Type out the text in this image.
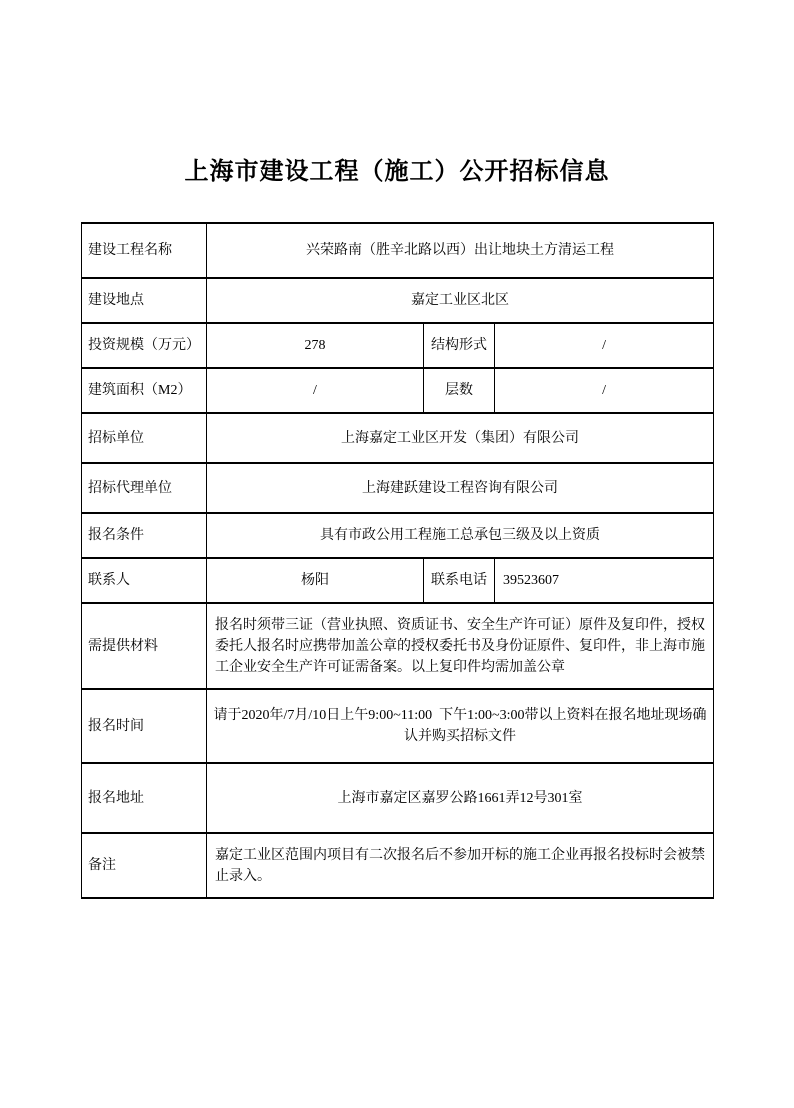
上海市建设工程（施工）公开招标信息
建设工程名称	兴荣路南（胜辛北路以西）出让地块土方清运工程		
建设地点	嘉定工业区北区		
投资规模（万元）	278	结构形式	/
建筑面积（M2）	/	层数	/
招标单位	上海嘉定工业区开发（集团）有限公司		
招标代理单位	上海建跃建设工程咨询有限公司		
报名条件	具有市政公用工程施工总承包三级及以上资质		
联系人	杨阳	联系电话	39523607
需提供材料	报名时须带三证（营业执照、资质证书、安全生产许可证）原件及复印件，授权委托人报名时应携带加盖公章的授权委托书及身份证原件、复印件，非上海市施工企业安全生产许可证需备案。以上复印件均需加盖公章		
报名时间	请于2020年/7月/10日上午9:00~11:00  下午1:00~3:00带以上资料在报名地址现场确认并购买招标文件		
报名地址	上海市嘉定区嘉罗公路1661弄12号301室		
备注	嘉定工业区范围内项目有二次报名后不参加开标的施工企业再报名投标时会被禁止录入。		
